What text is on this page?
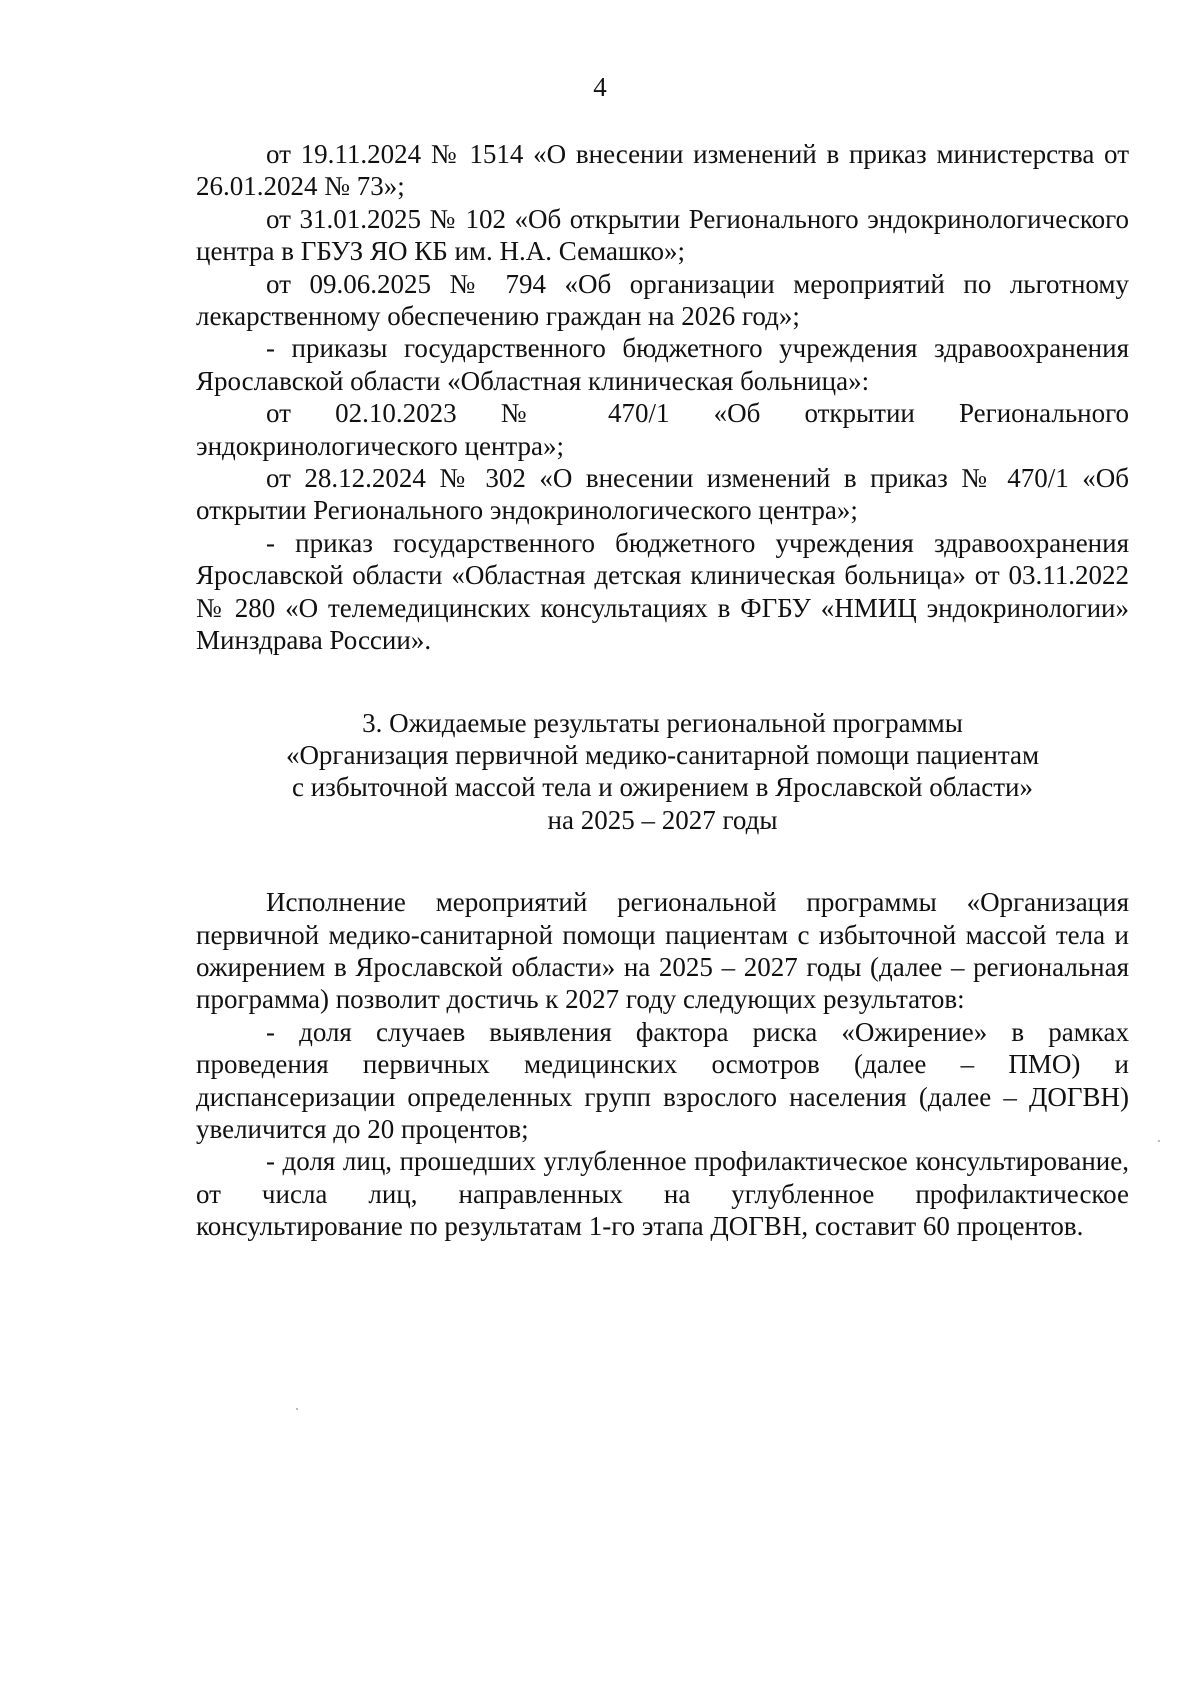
4

от 19.11.2024 № 1514 «О внесении изменений в приказ министерства от 26.01.2024 № 73»;

от 31.01.2025 № 102 «Об открытии Регионального эндокринологического центра в ГБУЗ ЯО КБ им. Н.А. Семашко»;

от 09.06.2025 № 794 «Об организации мероприятий по льготному лекарственному обеспечению граждан на 2026 год»;

- приказы государственного бюджетного учреждения здравоохранения Ярославской области «Областная клиническая больница»:

от 02.10.2023 № 470/1 «Об открытии Регионального эндокринологического центра»;

от 28.12.2024 № 302 «О внесении изменений в приказ № 470/1 «Об открытии Регионального эндокринологического центра»;

- приказ государственного бюджетного учреждения здравоохранения Ярославской области «Областная детская клиническая больница» от 03.11.2022 № 280 «О телемедицинских консультациях в ФГБУ «НМИЦ эндокринологии» Минздрава России».

3. Ожидаемые результаты региональной программы
«Организация первичной медико-санитарной помощи пациентам
с избыточной массой тела и ожирением в Ярославской области»
на 2025 – 2027 годы

Исполнение мероприятий региональной программы «Организация первичной медико-санитарной помощи пациентам с избыточной массой тела и ожирением в Ярославской области» на 2025 – 2027 годы (далее – региональная программа) позволит достичь к 2027 году следующих результатов:

- доля случаев выявления фактора риска «Ожирение» в рамках проведения первичных медицинских осмотров (далее – ПМО) и диспансеризации определенных групп взрослого населения (далее – ДОГВН) увеличится до 20 процентов;

- доля лиц, прошедших углубленное профилактическое консультирование, от числа лиц, направленных на углубленное профилактическое консультирование по результатам 1-го этапа ДОГВН, составит 60 процентов.
